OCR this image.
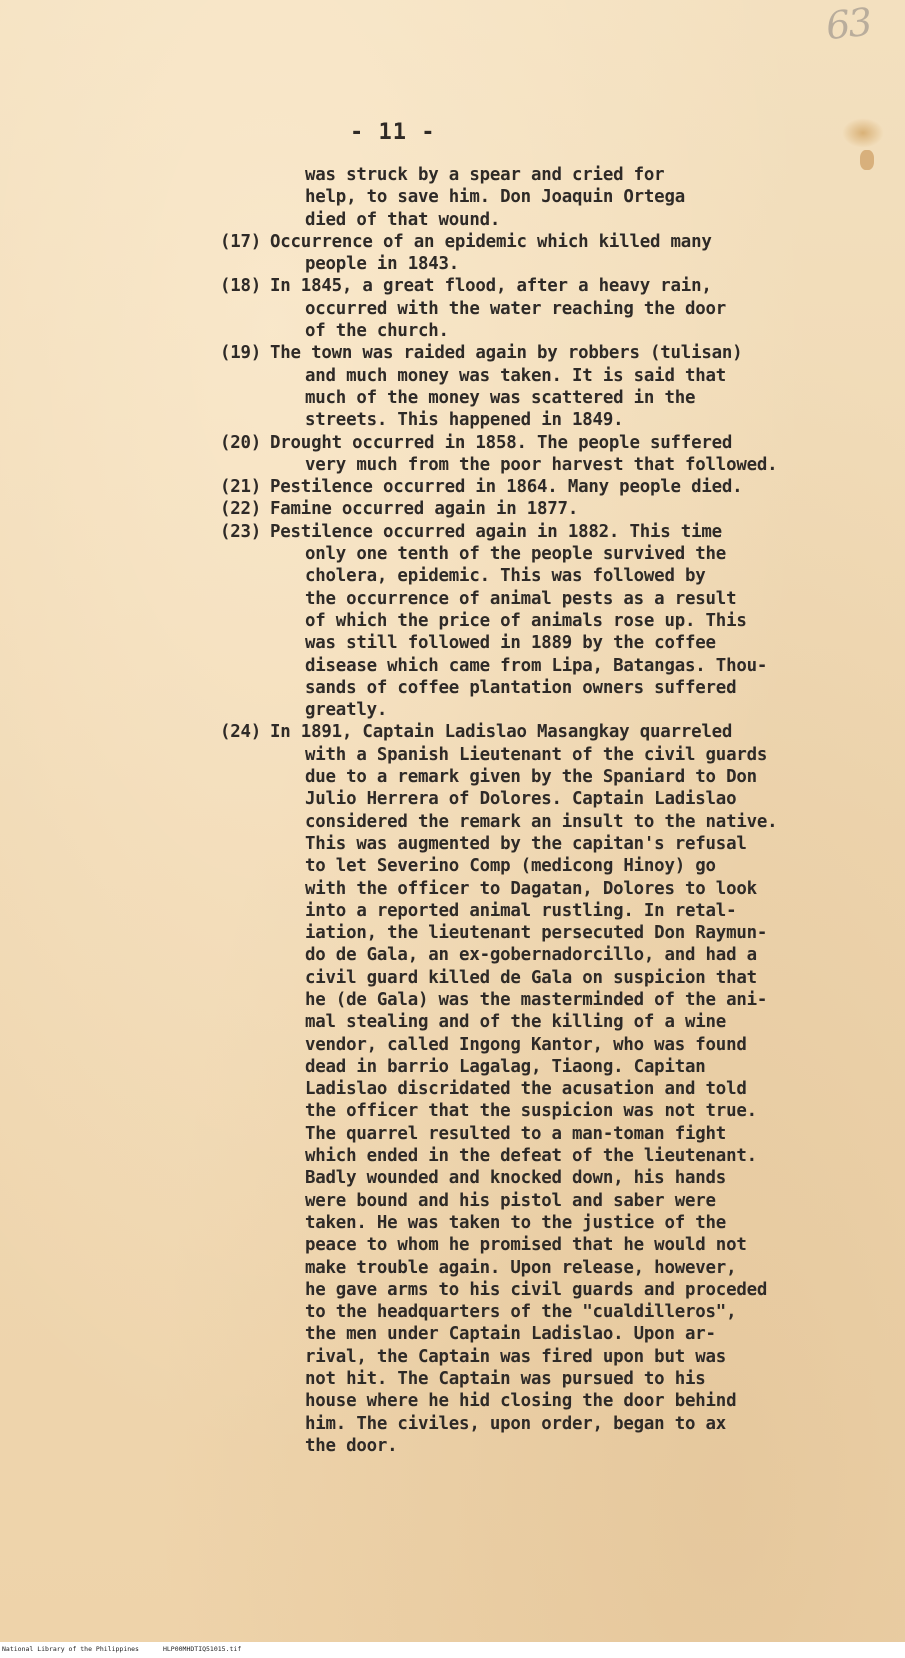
63
- 11 -
was struck by a spear and cried for
help, to save him. Don Joaquin Ortega
died of that wound.
(17) Occurrence of an epidemic which killed many
people in 1843.
(18) In 1845, a great flood, after a heavy rain,
occurred with the water reaching the door
of the church.
(19) The town was raided again by robbers (tulisan)
and much money was taken. It is said that
much of the money was scattered in the
streets. This happened in 1849.
(20) Drought occurred in 1858. The people suffered
very much from the poor harvest that followed.
(21) Pestilence occurred in 1864. Many people died.
(22) Famine occurred again in 1877.
(23) Pestilence occurred again in 1882. This time
only one tenth of the people survived the
cholera, epidemic. This was followed by
the occurrence of animal pests as a result
of which the price of animals rose up. This
was still followed in 1889 by the coffee
disease which came from Lipa, Batangas. Thou-
sands of coffee plantation owners suffered
greatly.
(24) In 1891, Captain Ladislao Masangkay quarreled
with a Spanish Lieutenant of the civil guards
due to a remark given by the Spaniard to Don
Julio Herrera of Dolores. Captain Ladislao
considered the remark an insult to the native.
This was augmented by the capitan's refusal
to let Severino Comp (medicong Hinoy) go
with the officer to Dagatan, Dolores to look
into a reported animal rustling. In retal-
iation, the lieutenant persecuted Don Raymun-
do de Gala, an ex-gobernadorcillo, and had a
civil guard killed de Gala on suspicion that
he (de Gala) was the masterminded of the ani-
mal stealing and of the killing of a wine
vendor, called Ingong Kantor, who was found
dead in barrio Lagalag, Tiaong. Capitan
Ladislao discridated the acusation and told
the officer that the suspicion was not true.
The quarrel resulted to a man-toman fight
which ended in the defeat of the lieutenant.
Badly wounded and knocked down, his hands
were bound and his pistol and saber were
taken. He was taken to the justice of the
peace to whom he promised that he would not
make trouble again. Upon release, however,
he gave arms to his civil guards and proceded
to the headquarters of the "cualdilleros",
the men under Captain Ladislao. Upon ar-
rival, the Captain was fired upon but was
not hit. The Captain was pursued to his
house where he hid closing the door behind
him. The civiles, upon order, began to ax
the door.
National Library of the Philippines	HLP00MHDTIQ51015.tif
